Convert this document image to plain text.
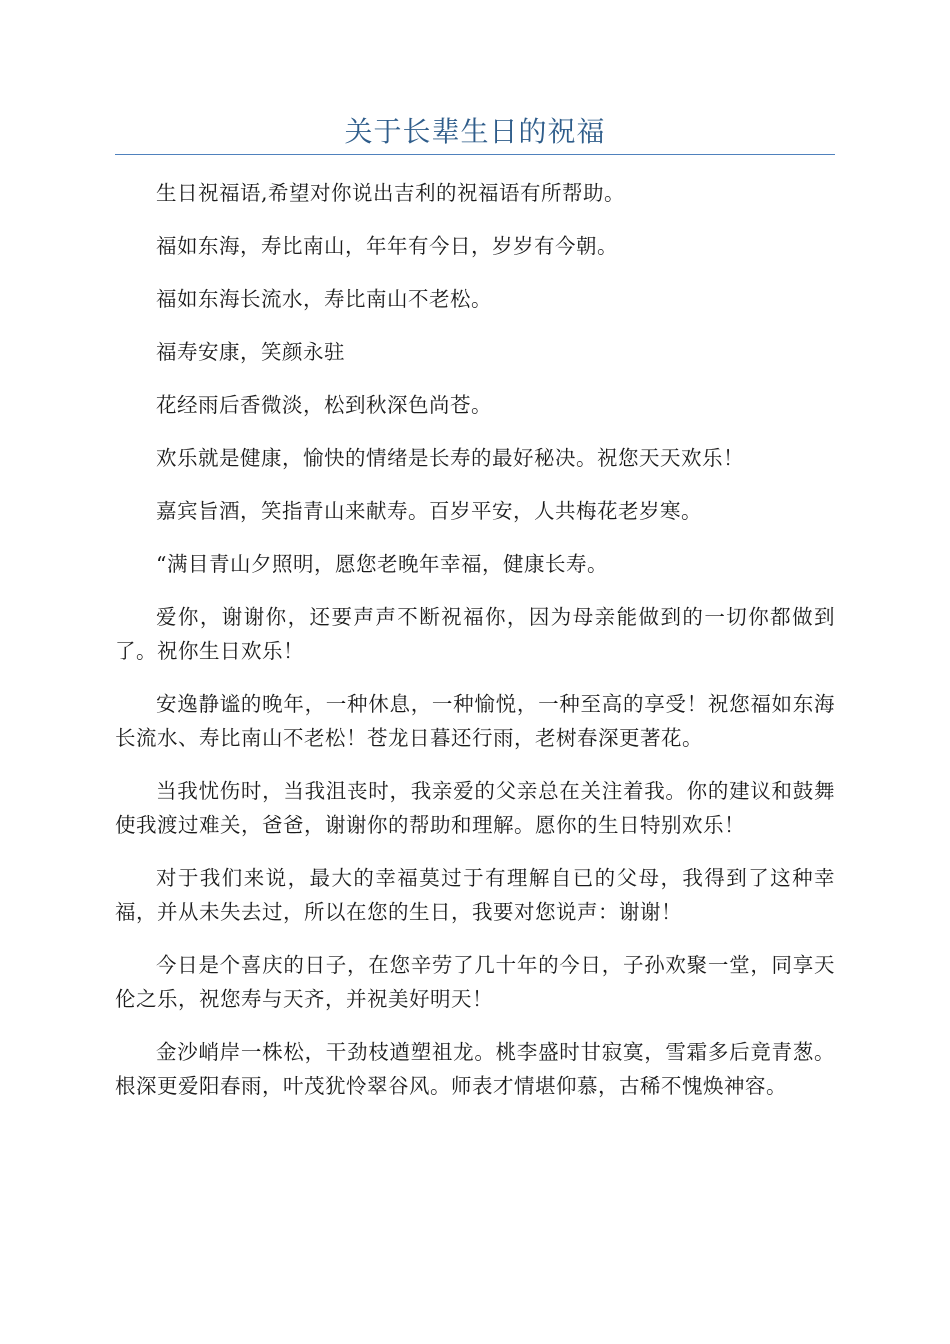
关于长辈生日的祝福

生日祝福语,希望对你说出吉利的祝福语有所帮助。

福如东海，寿比南山，年年有今日，岁岁有今朝。

福如东海长流水，寿比南山不老松。

福寿安康，笑颜永驻

花经雨后香微淡，松到秋深色尚苍。

欢乐就是健康，愉快的情绪是长寿的最好秘决。祝您天天欢乐！

嘉宾旨酒，笑指青山来献寿。百岁平安，人共梅花老岁寒。

“满目青山夕照明，愿您老晚年幸福，健康长寿。

爱你，谢谢你，还要声声不断祝福你，因为母亲能做到的一切你都做到了。祝你生日欢乐！

安逸静谧的晚年，一种休息，一种愉悦，一种至高的享受！祝您福如东海长流水、寿比南山不老松！苍龙日暮还行雨，老树春深更著花。

当我忧伤时，当我沮丧时，我亲爱的父亲总在关注着我。你的建议和鼓舞使我渡过难关，爸爸，谢谢你的帮助和理解。愿你的生日特别欢乐！

对于我们来说，最大的幸福莫过于有理解自已的父母，我得到了这种幸福，并从未失去过，所以在您的生日，我要对您说声：谢谢！

今日是个喜庆的日子，在您辛劳了几十年的今日，子孙欢聚一堂，同享天伦之乐，祝您寿与天齐，并祝美好明天！

金沙峭岸一株松，干劲枝遒塑祖龙。桃李盛时甘寂寞，雪霜多后竟青葱。根深更爱阳春雨，叶茂犹怜翠谷风。师表才情堪仰慕，古稀不愧焕神容。
